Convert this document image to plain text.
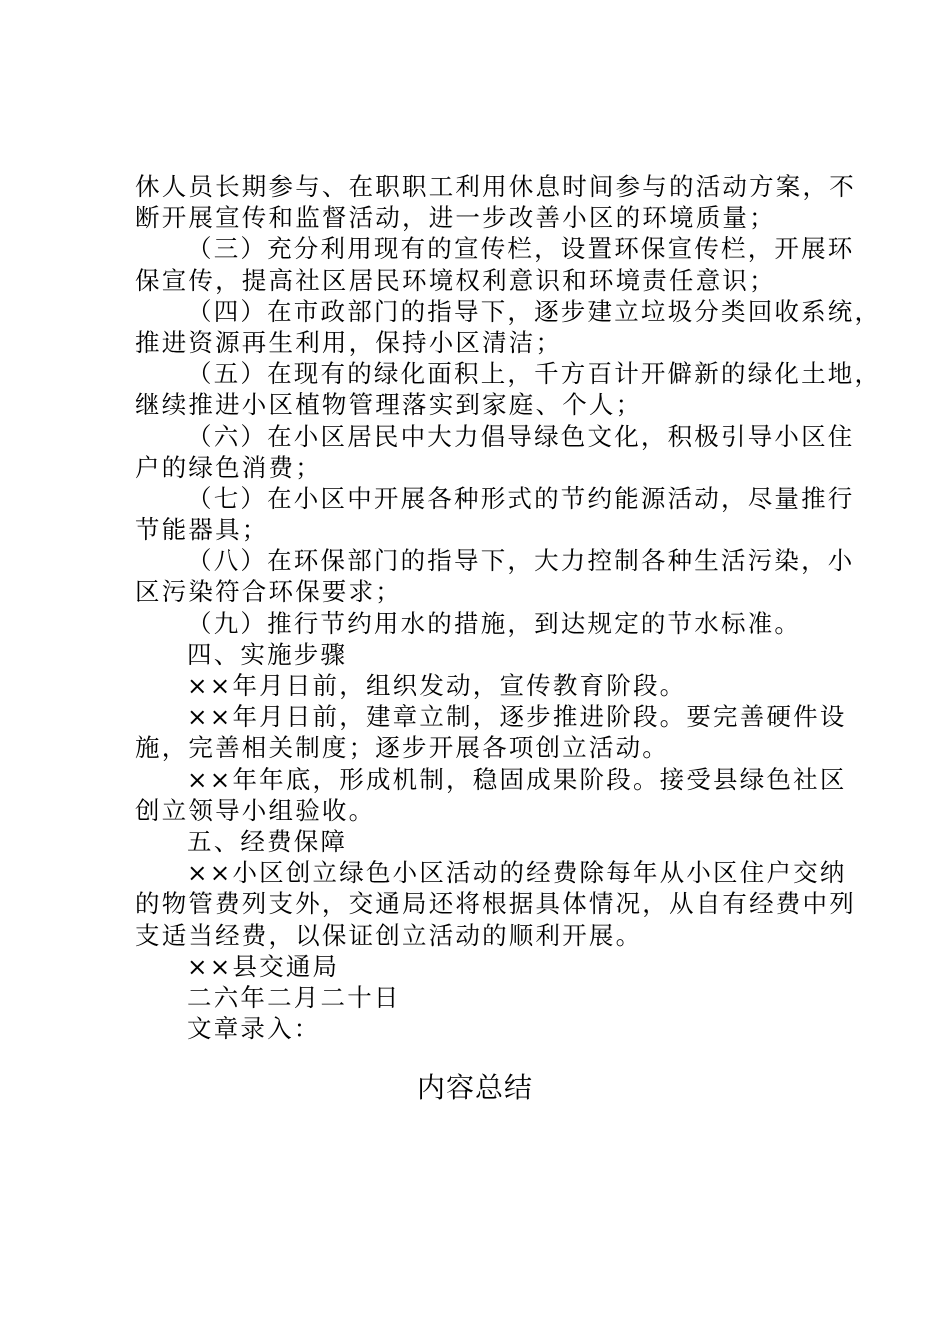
休人员长期参与、在职职工利用休息时间参与的活动方案，不
断开展宣传和监督活动，进一步改善小区的环境质量；
（三）充分利用现有的宣传栏，设置环保宣传栏，开展环
保宣传，提高社区居民环境权利意识和环境责任意识；
（四）在市政部门的指导下，逐步建立垃圾分类回收系统，
推进资源再生利用，保持小区清洁；
（五）在现有的绿化面积上，千方百计开僻新的绿化土地，
继续推进小区植物管理落实到家庭、个人；
（六）在小区居民中大力倡导绿色文化，积极引导小区住
户的绿色消费；
（七）在小区中开展各种形式的节约能源活动，尽量推行
节能器具；
（八）在环保部门的指导下，大力控制各种生活污染，小
区污染符合环保要求；
（九）推行节约用水的措施，到达规定的节水标准。
四、实施步骤
××年月日前，组织发动，宣传教育阶段。
××年月日前，建章立制，逐步推进阶段。要完善硬件设
施，完善相关制度；逐步开展各项创立活动。
××年年底，形成机制，稳固成果阶段。接受县绿色社区
创立领导小组验收。
五、经费保障
××小区创立绿色小区活动的经费除每年从小区住户交纳
的物管费列支外，交通局还将根据具体情况，从自有经费中列
支适当经费，以保证创立活动的顺利开展。
××县交通局
二六年二月二十日
文章录入：
内容总结
